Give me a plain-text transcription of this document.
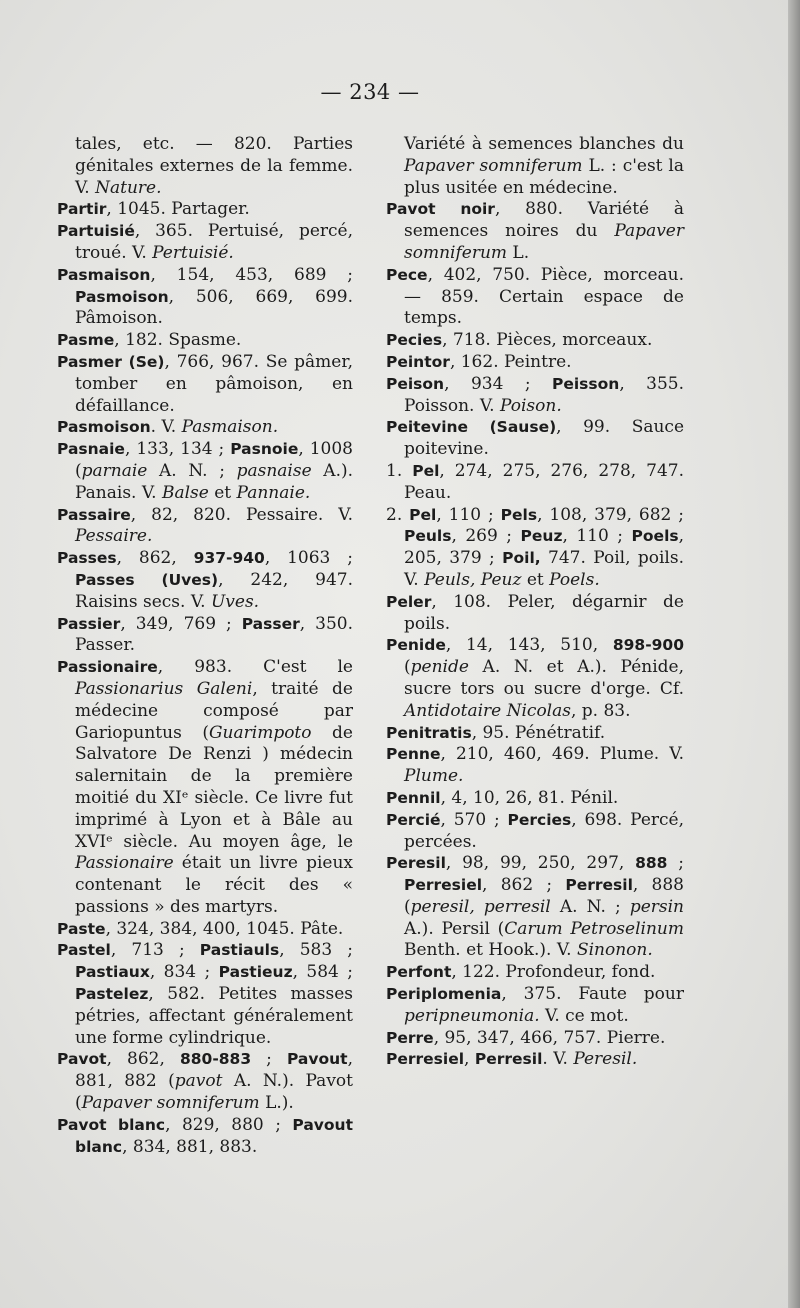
— 234 —
tales, etc. — 820. Parties génitales externes de la femme. V. Nature.
Partir, 1045. Partager.
Partuisié, 365. Pertuisé, percé, troué. V. Pertuisié.
Pasmaison, 154, 453, 689 ; Pasmoison, 506, 669, 699. Pâmoison.
Pasme, 182. Spasme.
Pasmer (Se), 766, 967. Se pâmer, tomber en pâmoison, en défaillance.
Pasmoison. V. Pasmaison.
Pasnaie, 133, 134 ; Pasnoie, 1008 (parnaie A. N. ; pasnaise A.). Panais. V. Balse et Pannaie.
Passaire, 82, 820. Pessaire. V. Pessaire.
Passes, 862, 937-940, 1063 ; Passes (Uves), 242, 947. Raisins secs. V. Uves.
Passier, 349, 769 ; Passer, 350. Passer.
Passionaire, 983. C'est le Passionarius Galeni, traité de médecine composé par Gariopuntus (Guarimpoto de Salvatore De Renzi ) médecin salernitain de la première moitié du XIᵉ siècle. Ce livre fut imprimé à Lyon et à Bâle au XVIᵉ siècle. Au moyen âge, le Passionaire était un livre pieux contenant le récit des « passions » des martyrs.
Paste, 324, 384, 400, 1045. Pâte.
Pastel, 713 ; Pastiauls, 583 ; Pastiaux, 834 ; Pastieuz, 584 ; Pastelez, 582. Petites masses pétries, affectant généralement une forme cylindrique.
Pavot, 862, 880-883 ; Pavout, 881, 882 (pavot A. N.). Pavot (Papaver somniferum L.).
Pavot blanc, 829, 880 ; Pavout blanc, 834, 881, 883.
Variété à semences blanches du Papaver somniferum L. : c'est la plus usitée en médecine.
Pavot noir, 880. Variété à semences noires du Papaver somniferum L.
Pece, 402, 750. Pièce, morceau. — 859. Certain espace de temps.
Pecies, 718. Pièces, morceaux.
Peintor, 162. Peintre.
Peison, 934 ; Peisson, 355. Poisson. V. Poison.
Peitevine (Sause), 99. Sauce poitevine.
1. Pel, 274, 275, 276, 278, 747. Peau.
2. Pel, 110 ; Pels, 108, 379, 682 ; Peuls, 269 ; Peuz, 110 ; Poels, 205, 379 ; Poil, 747. Poil, poils. V. Peuls, Peuz et Poels.
Peler, 108. Peler, dégarnir de poils.
Penide, 14, 143, 510, 898-900 (penide A. N. et A.). Pénide, sucre tors ou sucre d'orge. Cf. Antidotaire Nicolas, p. 83.
Penitratis, 95. Pénétratif.
Penne, 210, 460, 469. Plume. V. Plume.
Pennil, 4, 10, 26, 81. Pénil.
Percié, 570 ; Percies, 698. Percé, percées.
Peresil, 98, 99, 250, 297, 888 ; Perresiel, 862 ; Perresil, 888 (peresil, perresil A. N. ; persin A.). Persil (Carum Petroselinum Benth. et Hook.). V. Sinonon.
Perfont, 122. Profondeur, fond.
Periplomenia, 375. Faute pour peripneumonia. V. ce mot.
Perre, 95, 347, 466, 757. Pierre.
Perresiel, Perresil. V. Peresil.
